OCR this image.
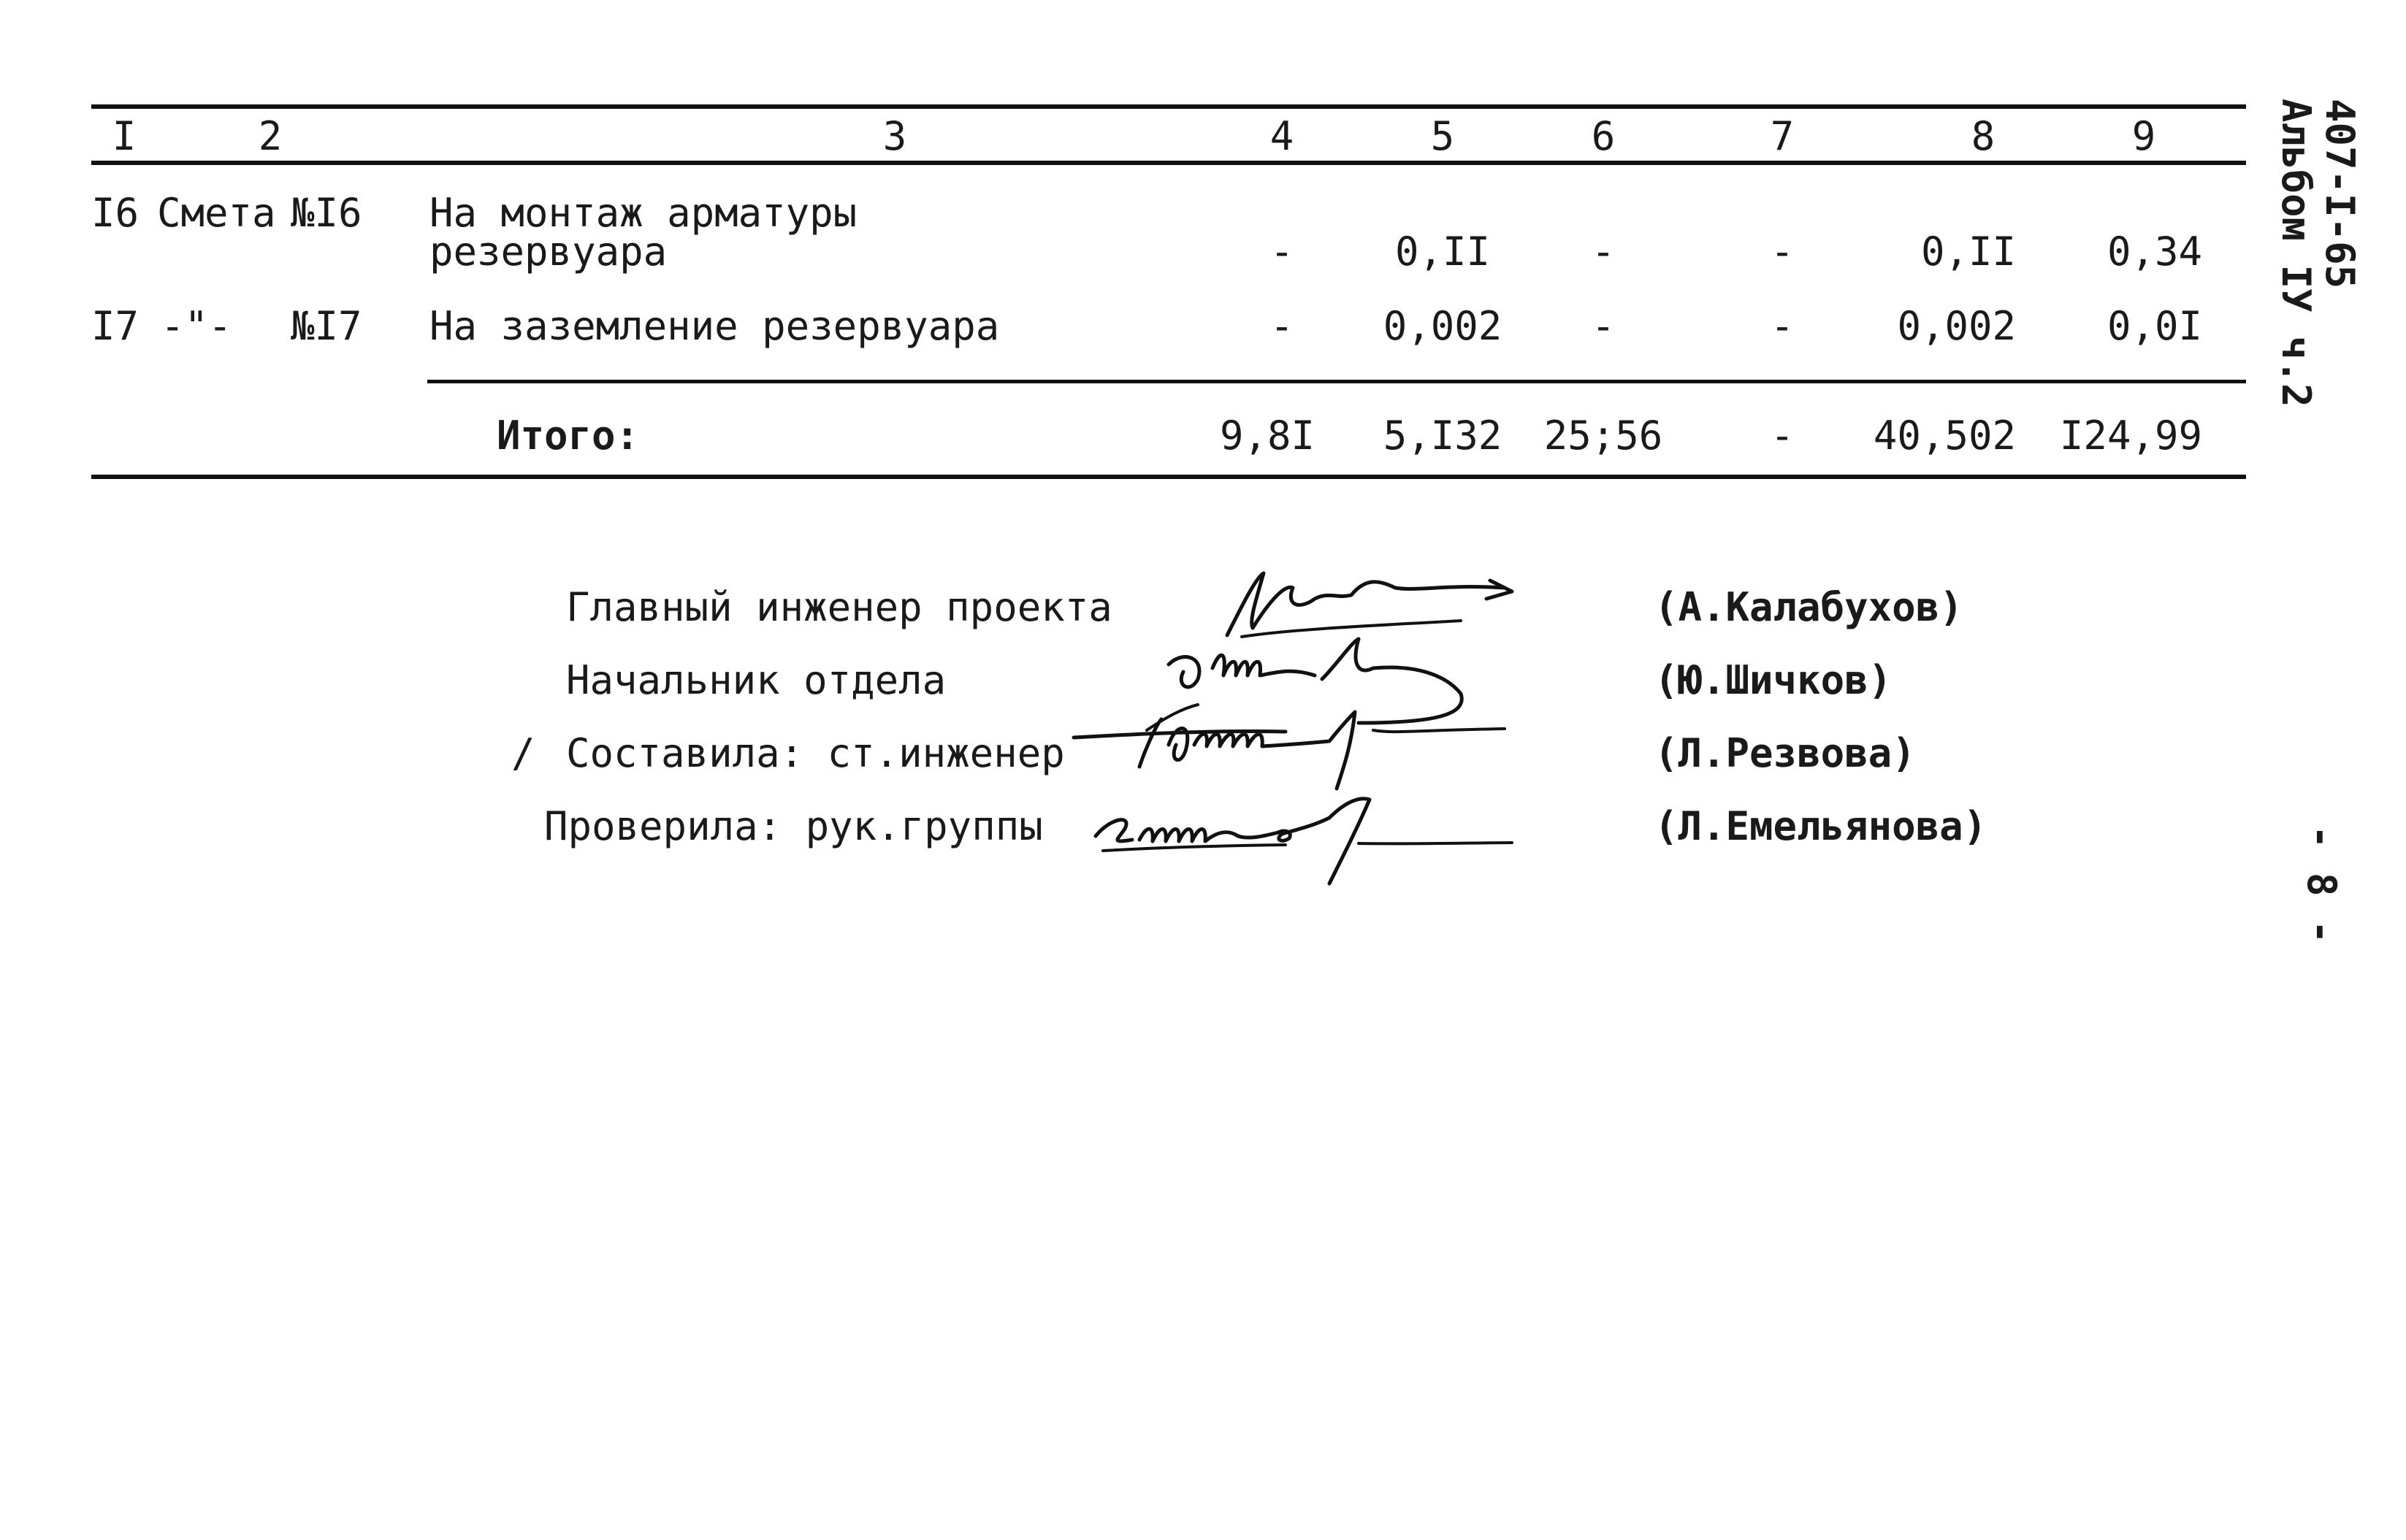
I	2	3	4	5	6	7	8	9
I6 Смета №I6 На монтаж арматуры
резервуара	-	0,II	-	-	0,II	0,34
I7 -"- №I7 На заземление резервуара	-	0,002	-	-	0,002	0,0I
Итого:	9,8I	5,I32	25;56	-	40,502	I24,99
Главный инженер проекта	(А.Калабухов)
Начальник отдела	(Ю.Шичков)
/ Составила: ст.инженер	(Л.Резвова)
Проверила: рук.группы	(Л.Емельянова)
407-I-65
Альбом IУ ч.2
- 8 -
